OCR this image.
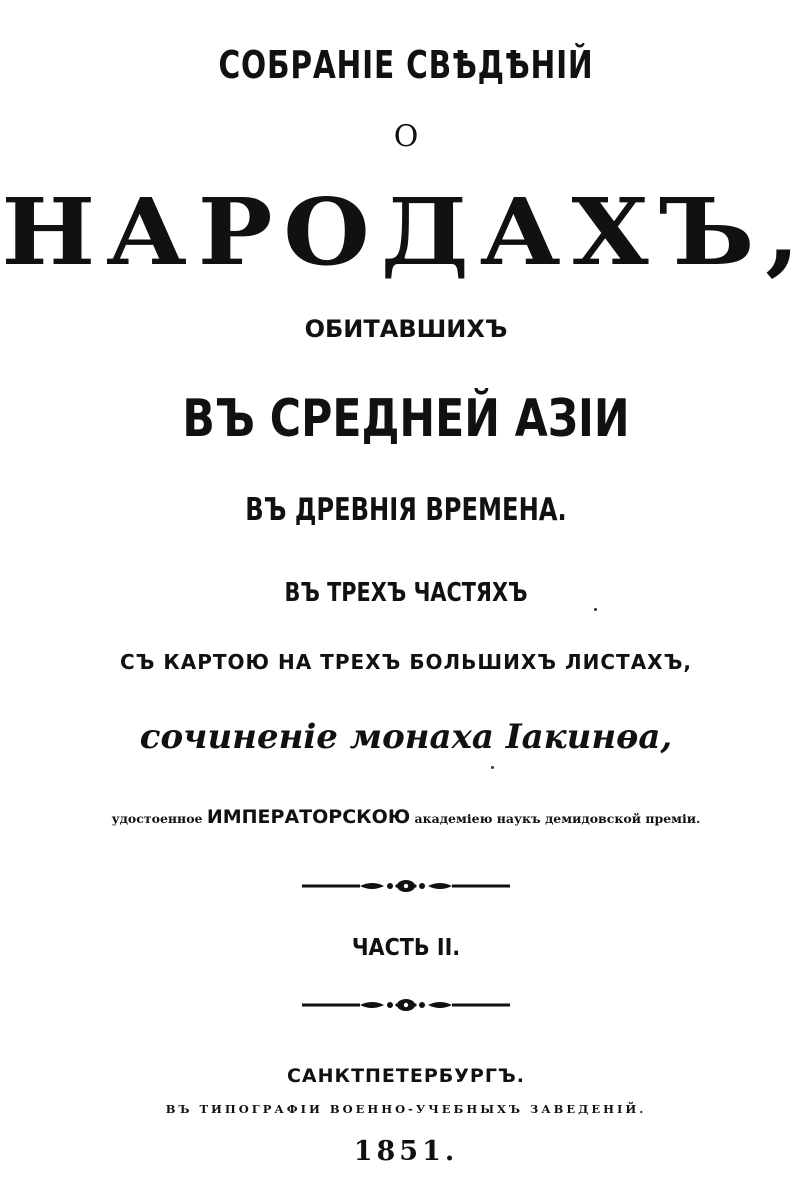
СОБРАНІЕ СВѢДѢНІЙ
О
НАРОДАХЪ,
ОБИТАВШИХЪ
ВЪ СРЕДНЕЙ АЗІИ
ВЪ ДРЕВНІЯ ВРЕМЕНА.
ВЪ ТРЕХЪ ЧАСТЯХЪ
СЪ КАРТОЮ НА ТРЕХЪ БОЛЬШИХЪ ЛИСТАХЪ,
сочиненіе монаха Іакинѳа,
удостоенное ИМПЕРАТОРСКОЮ академіею наукъ демидовской преміи.
ЧАСТЬ II.
САНКТПЕТЕРБУРГЪ.
ВЪ ТИПОГРАФІИ ВОЕННО-УЧЕБНЫХЪ ЗАВЕДЕНІЙ.
1851.
